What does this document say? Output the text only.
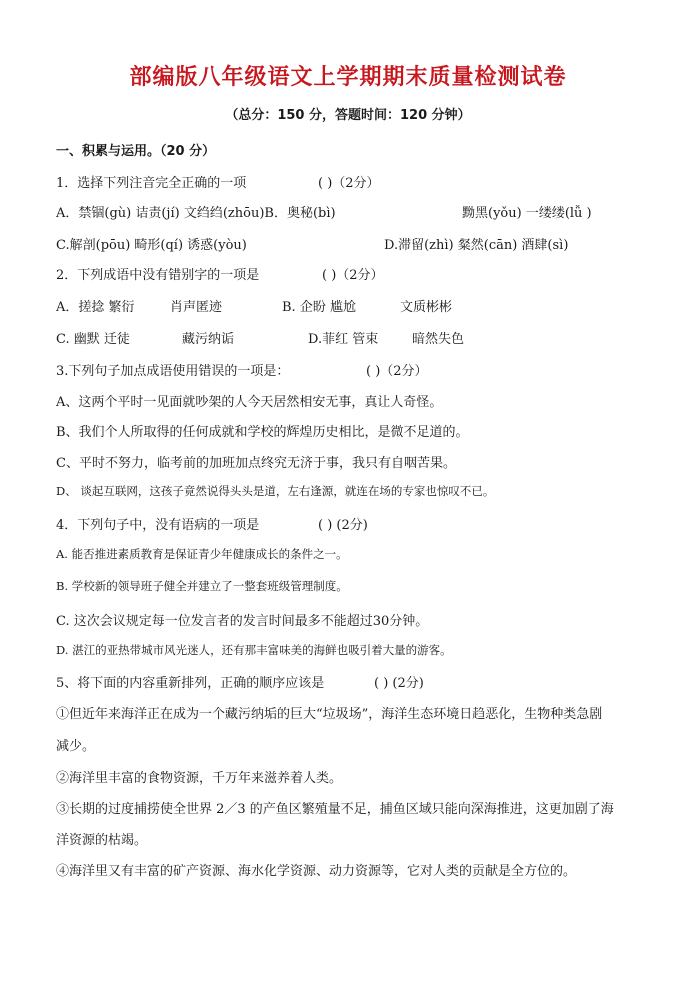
部编版八年级语文上学期期末质量检测试卷
（总分：150 分，答题时间：120 分钟）
一、积累与运用。（20 分）
1．选择下列注音完全正确的一项	( )（2分）
A．禁锢(gù) 诘责(jí) 文绉绉(zhōu)B．奥秘(bì)	黝黑(yǒu) 一缕缕(lǚ )
C.解剖(pōu) 畸形(qí) 诱惑(yòu)	D.滞留(zhì) 粲然(cān) 酒肆(sì)
2．下列成语中没有错别字的一项是	( )（2分）
A．搓捻 繁衍	肖声匿迹	B. 企盼 尴尬	文质彬彬
C. 幽默 迁徒	藏污纳诟	D.菲红 管束	暗然失色
3.下列句子加点成语使用错误的一项是：	( )（2分）
A、这两个平时一见面就吵架的人今天居然相安无事，真让人奇怪。
B、我们个人所取得的任何成就和学校的辉煌历史相比，是微不足道的。
C、平时不努力，临考前的加班加点终究无济于事，我只有自咽苦果。
D、 谈起互联网，这孩子竟然说得头头是道，左右逢源，就连在场的专家也惊叹不已。
4．下列句子中，没有语病的一项是	( ) (2分)
A. 能否推进素质教育是保证青少年健康成长的条件之一。
B. 学校新的领导班子健全并建立了一整套班级管理制度。
C. 这次会议规定每一位发言者的发言时间最多不能超过30分钟。
D. 湛江的亚热带城市风光迷人，还有那丰富味美的海鲜也吸引着大量的游客。
5、将下面的内容重新排列，正确的顺序应该是	( ) (2分)
①但近年来海洋正在成为一个藏污纳垢的巨大“垃圾场”，海洋生态环境日趋恶化，生物种类急剧
减少。
②海洋里丰富的食物资源，千万年来滋养着人类。
③长期的过度捕捞使全世界 2／3 的产鱼区繁殖量不足，捕鱼区域只能向深海推进，这更加剧了海
洋资源的枯竭。
④海洋里又有丰富的矿产资源、海水化学资源、动力资源等，它对人类的贡献是全方位的。
